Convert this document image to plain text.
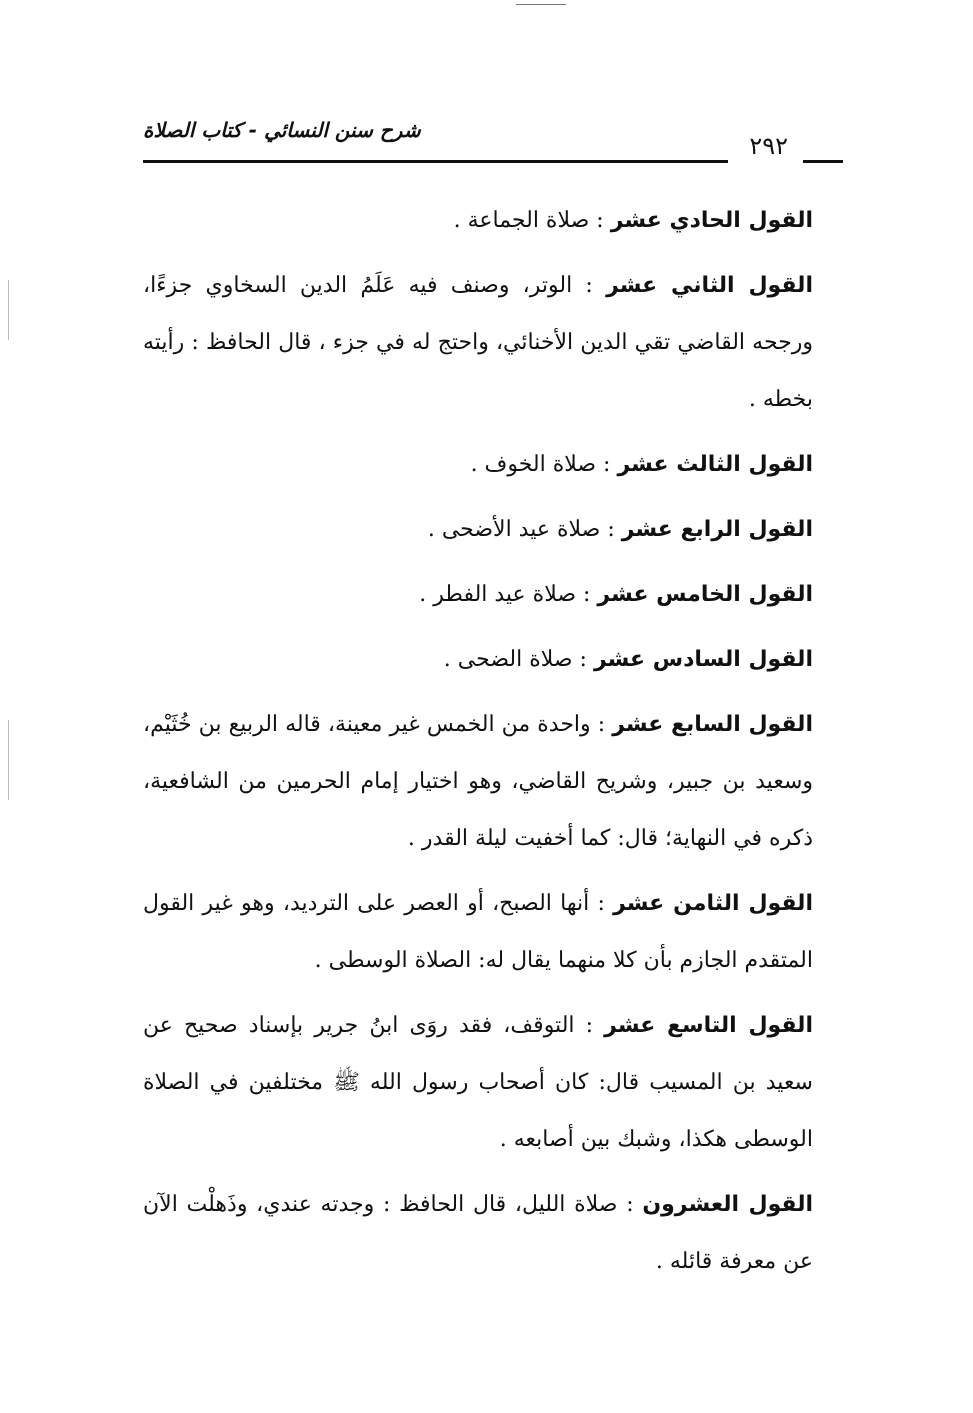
شرح سنن النسائي - كتاب الصلاة
٢٩٢

القول الحادي عشر : صلاة الجماعة .

القول الثاني عشر : الوتر، وصنف فيه عَلَمُ الدين السخاوي جزءًا، ورجحه القاضي تقي الدين الأخنائي، واحتج له في جزء ، قال الحافظ : رأيته بخطه .

القول الثالث عشر : صلاة الخوف .

القول الرابع عشر : صلاة عيد الأضحى .

القول الخامس عشر : صلاة عيد الفطر .

القول السادس عشر : صلاة الضحى .

القول السابع عشر : واحدة من الخمس غير معينة، قاله الربيع بن خُثَيْم، وسعيد بن جبير، وشريح القاضي، وهو اختيار إمام الحرمين من الشافعية، ذكره في النهاية؛ قال: كما أخفيت ليلة القدر .

القول الثامن عشر : أنها الصبح، أو العصر على الترديد، وهو غير القول المتقدم الجازم بأن كلا منهما يقال له: الصلاة الوسطى .

القول التاسع عشر : التوقف، فقد روَى ابنُ جرير بإسناد صحيح عن سعيد بن المسيب قال: كان أصحاب رسول الله ﷺ مختلفين في الصلاة الوسطى هكذا، وشبك بين أصابعه .

القول العشرون : صلاة الليل، قال الحافظ : وجدته عندي، وذَهلْت الآن عن معرفة قائله .
